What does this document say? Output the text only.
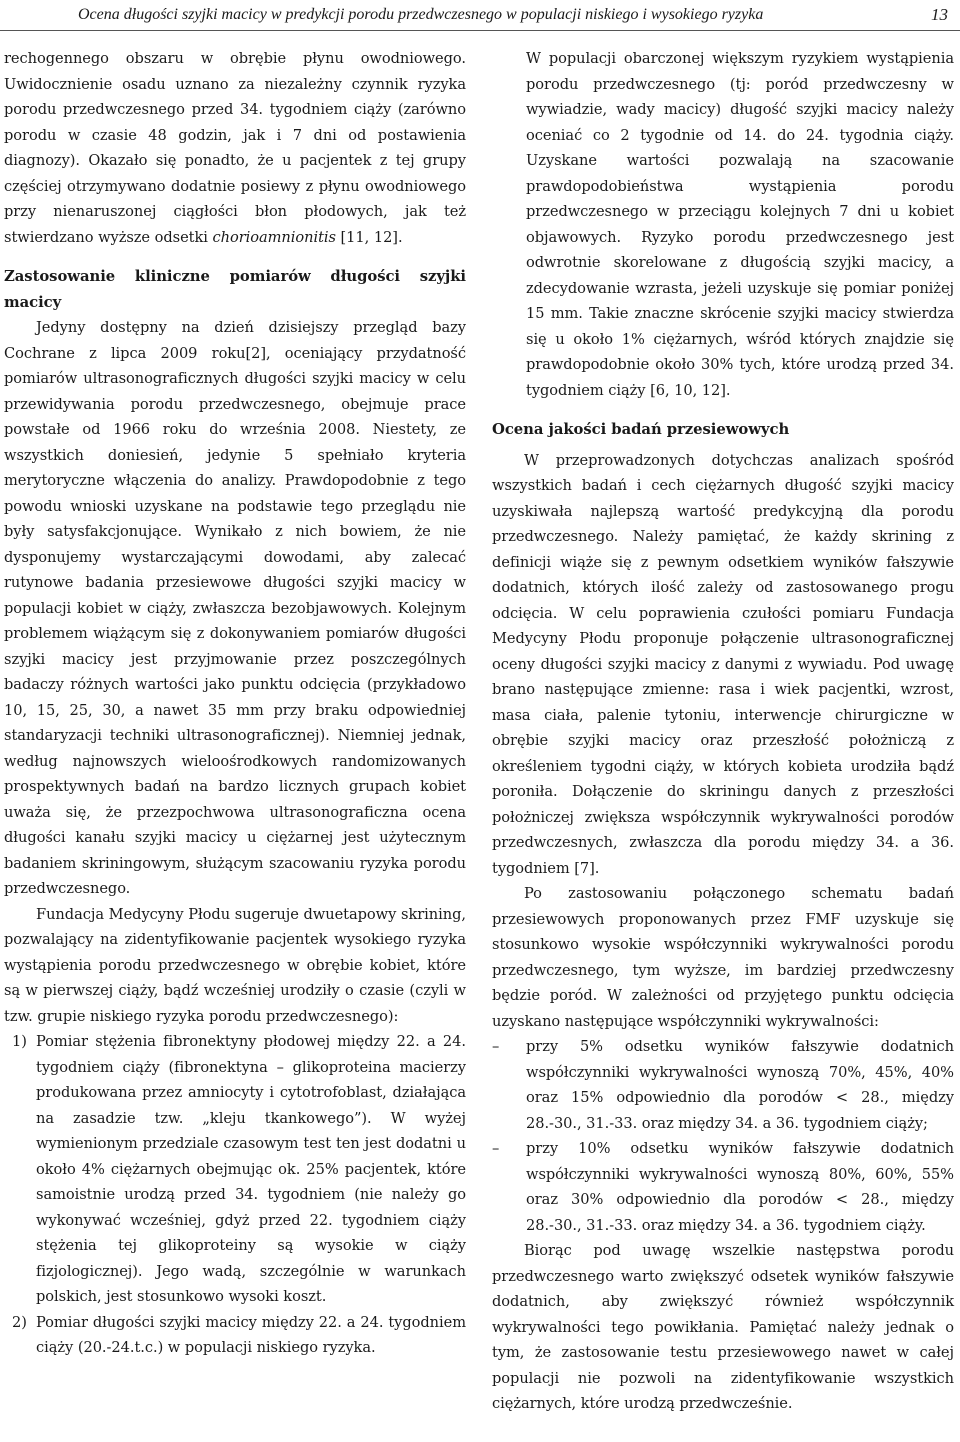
Ocena długości szyjki macicy w predykcji porodu przedwczesnego w populacji niskiego i wysokiego ryzyka	13

rechogennego obszaru w obrębie płynu owodniowego. Uwidocznienie osadu uznano za niezależny czynnik ryzyka porodu przedwczesnego przed 34. tygodniem ciąży (zarówno porodu w czasie 48 godzin, jak i 7 dni od postawienia diagnozy). Okazało się ponadto, że u pacjentek z tej grupy częściej otrzymywano dodatnie posiewy z płynu owodniowego przy nienaruszonej ciągłości błon płodowych, jak też stwierdzano wyższe odsetki chorioamnionitis [11, 12].

Zastosowanie kliniczne pomiarów długości szyjki macicy

Jedyny dostępny na dzień dzisiejszy przegląd bazy Cochrane z lipca 2009 roku[2], oceniający przydatność pomiarów ultrasonograficznych długości szyjki macicy w celu przewidywania porodu przedwczesnego, obejmuje prace powstałe od 1966 roku do września 2008. Niestety, ze wszystkich doniesień, jedynie 5 spełniało kryteria merytoryczne włączenia do analizy. Prawdopodobnie z tego powodu wnioski uzyskane na podstawie tego przeglądu nie były satysfakcjonujące. Wynikało z nich bowiem, że nie dysponujemy wystarczającymi dowodami, aby zalecać rutynowe badania przesiewowe długości szyjki macicy w populacji kobiet w ciąży, zwłaszcza bezobjawowych. Kolejnym problemem wiążącym się z dokonywaniem pomiarów długości szyjki macicy jest przyjmowanie przez poszczególnych badaczy różnych wartości jako punktu odcięcia (przykładowo 10, 15, 25, 30, a nawet 35 mm przy braku odpowiedniej standaryzacji techniki ultrasonograficznej). Niemniej jednak, według najnowszych wieloośrodkowych randomizowanych prospektywnych badań na bardzo licznych grupach kobiet uważa się, że przezpochwowa ultrasonograficzna ocena długości kanału szyjki macicy u ciężarnej jest użytecznym badaniem skriningowym, służącym szacowaniu ryzyka porodu przedwczesnego.

Fundacja Medycyny Płodu sugeruje dwuetapowy skrining, pozwalający na zidentyfikowanie pacjentek wysokiego ryzyka wystąpienia porodu przedwczesnego w obrębie kobiet, które są w pierwszej ciąży, bądź wcześniej urodziły o czasie (czyli w tzw. grupie niskiego ryzyka porodu przedwczesnego):

1) Pomiar stężenia fibronektyny płodowej między 22. a 24. tygodniem ciąży (fibronektyna – glikoproteina macierzy produkowana przez amniocyty i cytotrofoblast, działająca na zasadzie tzw. „kleju tkankowego”). W wyżej wymienionym przedziale czasowym test ten jest dodatni u około 4% ciężarnych obejmując ok. 25% pacjentek, które samoistnie urodzą przed 34. tygodniem (nie należy go wykonywać wcześniej, gdyż przed 22. tygodniem ciąży stężenia tej glikoproteiny są wysokie w ciąży fizjologicznej). Jego wadą, szczególnie w warunkach polskich, jest stosunkowo wysoki koszt.
2) Pomiar długości szyjki macicy między 22. a 24. tygodniem ciąży (20.-24.t.c.) w populacji niskiego ryzyka.

W populacji obarczonej większym ryzykiem wystąpienia porodu przedwczesnego (tj: poród przedwczesny w wywiadzie, wady macicy) długość szyjki macicy należy oceniać co 2 tygodnie od 14. do 24. tygodnia ciąży. Uzyskane wartości pozwalają na szacowanie prawdopodobieństwa wystąpienia porodu przedwczesnego w przeciągu kolejnych 7 dni u kobiet objawowych. Ryzyko porodu przedwczesnego jest odwrotnie skorelowane z długością szyjki macicy, a zdecydowanie wzrasta, jeżeli uzyskuje się pomiar poniżej 15 mm. Takie znaczne skrócenie szyjki macicy stwierdza się u około 1% ciężarnych, wśród których znajdzie się prawdopodobnie około 30% tych, które urodzą przed 34. tygodniem ciąży [6, 10, 12].

Ocena jakości badań przesiewowych

W przeprowadzonych dotychczas analizach spośród wszystkich badań i cech ciężarnych długość szyjki macicy uzyskiwała najlepszą wartość predykcyjną dla porodu przedwczesnego. Należy pamiętać, że każdy skrining z definicji wiąże się z pewnym odsetkiem wyników fałszywie dodatnich, których ilość zależy od zastosowanego progu odcięcia. W celu poprawienia czułości pomiaru Fundacja Medycyny Płodu proponuje połączenie ultrasonograficznej oceny długości szyjki macicy z danymi z wywiadu. Pod uwagę brano następujące zmienne: rasa i wiek pacjentki, wzrost, masa ciała, palenie tytoniu, interwencje chirurgiczne w obrębie szyjki macicy oraz przeszłość położniczą z określeniem tygodni ciąży, w których kobieta urodziła bądź poroniła. Dołączenie do skriningu danych z przeszłości położniczej zwiększa współczynnik wykrywalności porodów przedwczesnych, zwłaszcza dla porodu między 34. a 36. tygodniem [7].

Po zastosowaniu połączonego schematu badań przesiewowych proponowanych przez FMF uzyskuje się stosunkowo wysokie współczynniki wykrywalności porodu przedwczesnego, tym wyższe, im bardziej przedwczesny będzie poród. W zależności od przyjętego punktu odcięcia uzyskano następujące współczynniki wykrywalności:

– przy 5% odsetku wyników fałszywie dodatnich współczynniki wykrywalności wynoszą 70%, 45%, 40% oraz 15% odpowiednio dla porodów < 28., między 28.-30., 31.-33. oraz między 34. a 36. tygodniem ciąży;
– przy 10% odsetku wyników fałszywie dodatnich współczynniki wykrywalności wynoszą 80%, 60%, 55% oraz 30% odpowiednio dla porodów < 28., między 28.-30., 31.-33. oraz między 34. a 36. tygodniem ciąży.

Biorąc pod uwagę wszelkie następstwa porodu przedwczesnego warto zwiększyć odsetek wyników fałszywie dodatnich, aby zwiększyć również współczynnik wykrywalności tego powikłania. Pamiętać należy jednak o tym, że zastosowanie testu przesiewowego nawet w całej populacji nie pozwoli na zidentyfikowanie wszystkich ciężarnych, które urodzą przedwcześnie.
